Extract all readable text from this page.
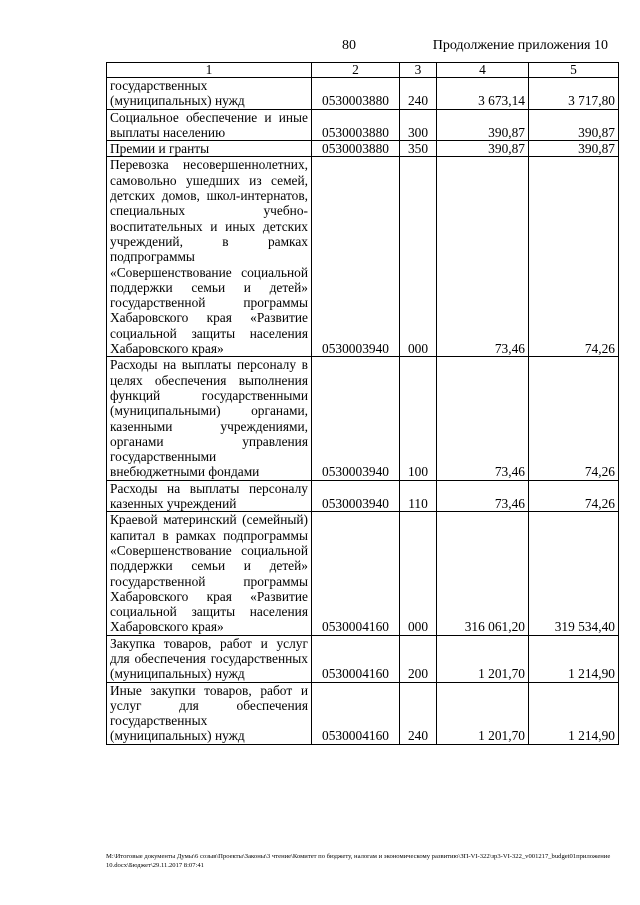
80	Продолжение приложения 10
1	2	3	4	5
государственных (муниципальных) нужд	0530003880	240	3 673,14	3 717,80
Социальное обеспечение и иные выплаты населению	0530003880	300	390,87	390,87
Премии и гранты	0530003880	350	390,87	390,87
Перевозка несовершеннолетних, самовольно ушедших из семей, детских домов, школ-интернатов, специальных учебно-воспитательных и иных детских учреждений, в рамках подпрограммы «Совершенствование социальной поддержки семьи и детей» государственной программы Хабаровского края «Развитие социальной защиты населения Хабаровского края»	0530003940	000	73,46	74,26
Расходы на выплаты персоналу в целях обеспечения выполнения функций государственными (муниципальными) органами, казенными учреждениями, органами управления государственными внебюджетными фондами	0530003940	100	73,46	74,26
Расходы на выплаты персоналу казенных учреждений	0530003940	110	73,46	74,26
Краевой материнский (семейный) капитал в рамках подпрограммы «Совершенствование социальной поддержки семьи и детей» государственной программы Хабаровского края «Развитие социальной защиты населения Хабаровского края»	0530004160	000	316 061,20	319 534,40
Закупка товаров, работ и услуг для обеспечения государственных (муниципальных) нужд	0530004160	200	1 201,70	1 214,90
Иные закупки товаров, работ и услуг для обеспечения государственных (муниципальных) нужд	0530004160	240	1 201,70	1 214,90
М:\Итоговые документы Думы\6 созыв\Проекты\Законы\3 чтение\Комитет по бюджету, налогам и экономическому развитию\ЗП-VI-322\зр3-VI-322_v001217_budget01приложение 10.docx\Бюджет\29.11.2017 8:07:41
